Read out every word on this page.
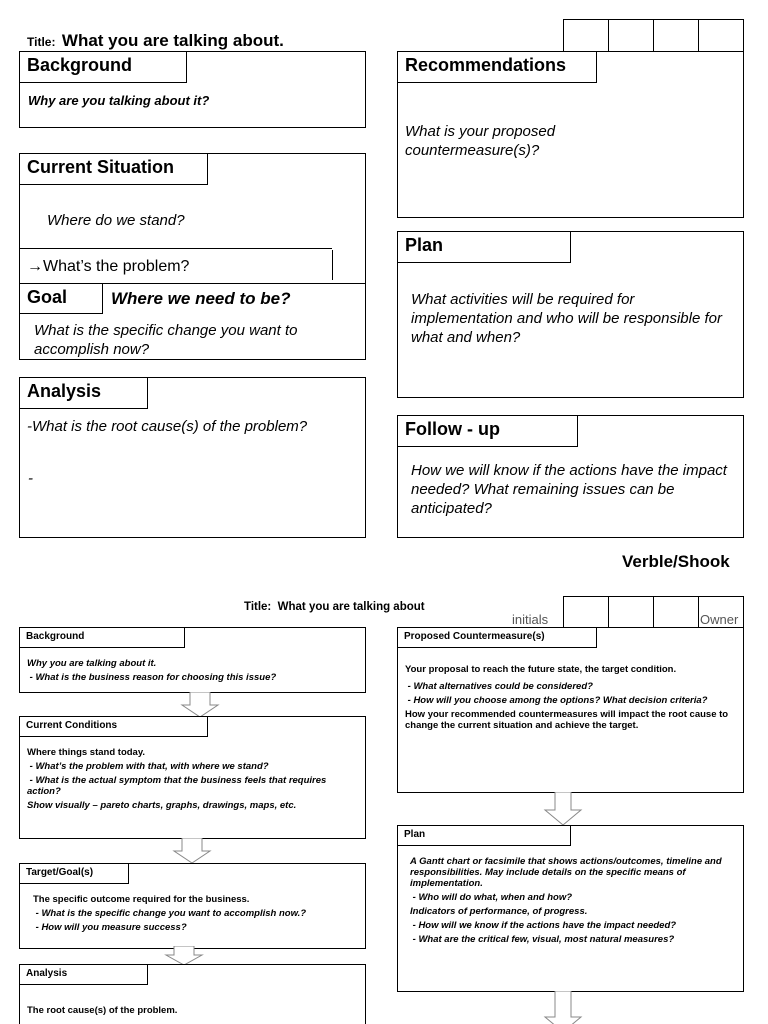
Title: What you are talking about.
Background
Why are you talking about it?
Current Situation
Where do we stand?
→What’s the problem?
Goal	Where we need to be?
What is the specific change you want to accomplish now?
Analysis
-What is the root cause(s) of the problem?
-
Recommendations
What is your proposed countermeasure(s)?
Plan
What activities will be required for implementation and who will be responsible for what and when?
Follow - up
How we will know if the actions have the impact needed? What remaining issues can be anticipated?
Verble/Shook
Title:  What you are talking about
initials	Owner
Background
Why you are talking about it.
- What is the business reason for choosing this issue?
Current Conditions
Where things stand today.
- What’s the problem with that, with where we stand?
- What is the actual symptom that the business feels that requires action?
Show visually – pareto charts, graphs, drawings, maps, etc.
Target/Goal(s)
The specific outcome required for the business.
- What is the specific change you want to accomplish now.?
- How will you measure success?
Analysis
The root cause(s) of the problem.
Proposed Countermeasure(s)
Your proposal to reach the future state, the target condition.
- What alternatives could be considered?
- How will you choose among the options? What decision criteria?
How your recommended countermeasures will impact the root cause to change the current situation and achieve the target.
Plan
A Gantt chart or facsimile that shows actions/outcomes, timeline and responsibilities. May include details on the specific means of implementation.
- Who will do what, when and how?
Indicators of performance, of progress.
- How will we know if the actions have the impact needed?
- What are the critical few, visual, most natural measures?
